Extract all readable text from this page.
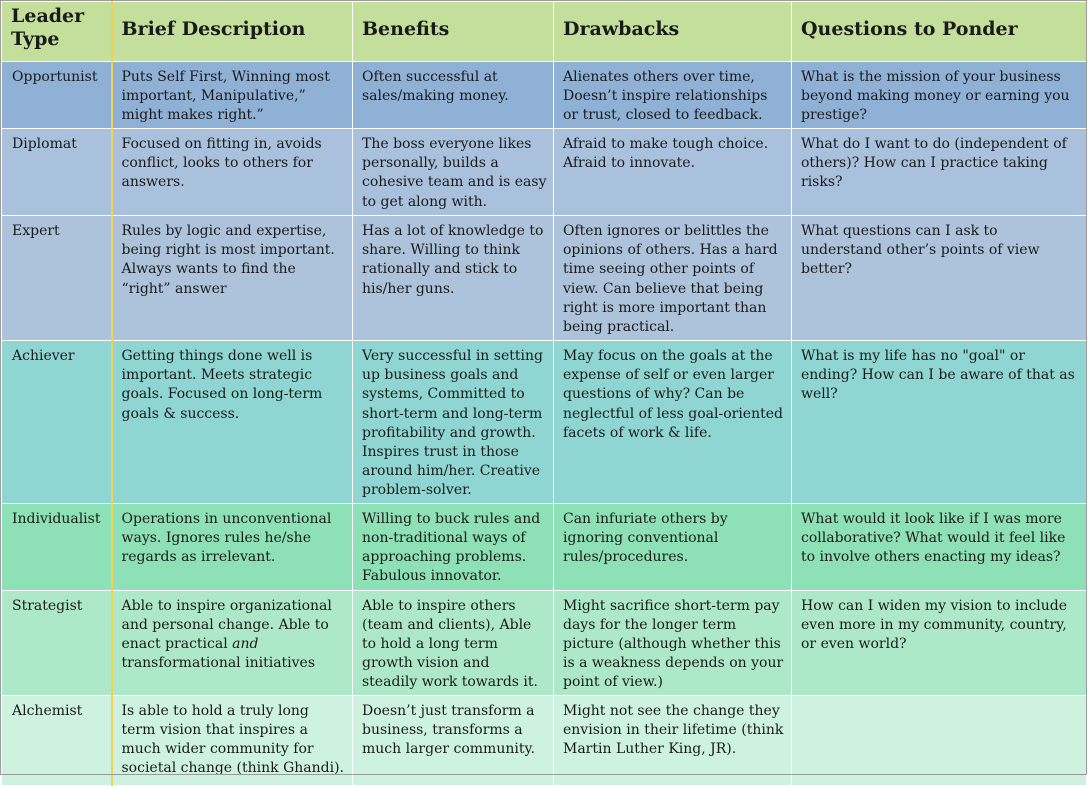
Leader Type	Brief Description	Benefits	Drawbacks	Questions to Ponder
Opportunist	Puts Self First, Winning most important, Manipulative,” might makes right.”	Often successful at sales/making money.	Alienates others over time, Doesn’t inspire relationships or trust, closed to feedback.	What is the mission of your business beyond making money or earning you prestige?
Diplomat	Focused on fitting in, avoids conflict, looks to others for answers.	The boss everyone likes personally, builds a cohesive team and is easy to get along with.	Afraid to make tough choice. Afraid to innovate.	What do I want to do (independent of others)? How can I practice taking risks?
Expert	Rules by logic and expertise, being right is most important. Always wants to find the “right” answer	Has a lot of knowledge to share. Willing to think rationally and stick to his/her guns.	Often ignores or belittles the opinions of others. Has a hard time seeing other points of view. Can believe that being right is more important than being practical.	What questions can I ask to understand other’s points of view better?
Achiever	Getting things done well is important. Meets strategic goals. Focused on long-term goals & success.	Very successful in setting up business goals and systems, Committed to short-term and long-term profitability and growth. Inspires trust in those around him/her. Creative problem-solver.	May focus on the goals at the expense of self or even larger questions of why? Can be neglectful of less goal-oriented facets of work & life.	What is my life has no "goal" or ending? How can I be aware of that as well?
Individualist	Operations in unconventional ways. Ignores rules he/she regards as irrelevant.	Willing to buck rules and non-traditional ways of approaching problems. Fabulous innovator.	Can infuriate others by ignoring conventional rules/procedures.	What would it look like if I was more collaborative? What would it feel like to involve others enacting my ideas?
Strategist	Able to inspire organizational and personal change. Able to enact practical and transformational initiatives	Able to inspire others (team and clients), Able to hold a long term growth vision and steadily work towards it.	Might sacrifice short-term pay days for the longer term picture (although whether this is a weakness depends on your point of view.)	How can I widen my vision to include even more in my community, country, or even world?
Alchemist	Is able to hold a truly long term vision that inspires a much wider community for societal change (think Ghandi).	Doesn’t just transform a business, transforms a much larger community.	Might not see the change they envision in their lifetime (think Martin Luther King, JR).	
